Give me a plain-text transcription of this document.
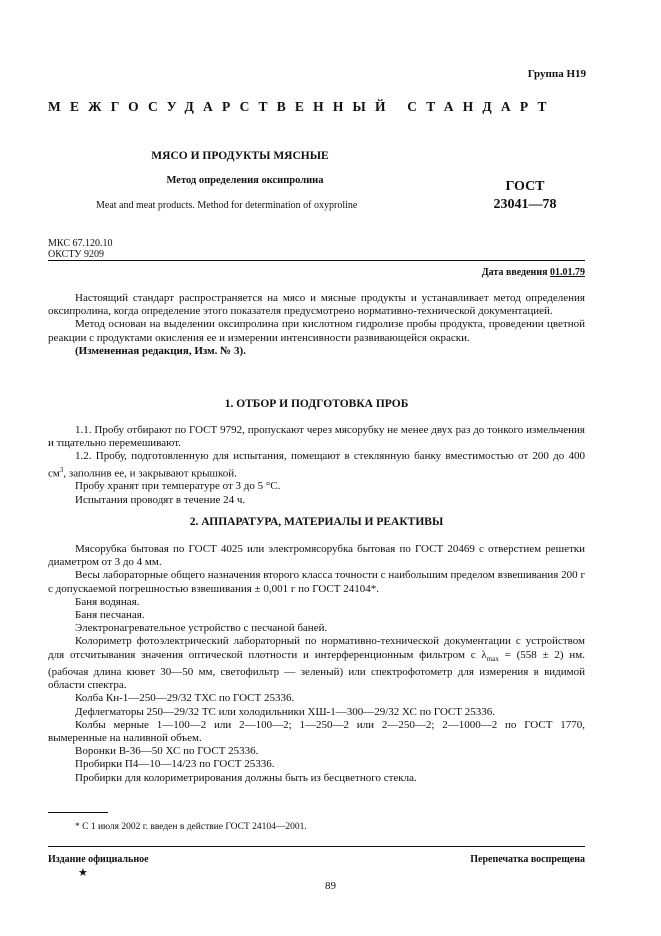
Группа Н19
МЕЖГОСУДАРСТВЕННЫЙ СТАНДАРТ
МЯСО И ПРОДУКТЫ МЯСНЫЕ
Метод определения оксипролина
Meat and meat products. Method for determination of oxyproline
ГОСТ
23041—78
МКС 67.120.10
ОКСТУ 9209
Дата введения 01.01.79

Настоящий стандарт распространяется на мясо и мясные продукты и устанавливает метод определения оксипролина, когда определение этого показателя предусмотрено нормативно-технической документацией.

Метод основан на выделении оксипролина при кислотном гидролизе пробы продукта, проведении цветной реакции с продуктами окисления ее и измерении интенсивности развивающейся окраски.

(Измененная редакция, Изм. № 3).

1. ОТБОР И ПОДГОТОВКА ПРОБ

1.1. Пробу отбирают по ГОСТ 9792, пропускают через мясорубку не менее двух раз до тонкого измельчения и тщательно перемешивают.

1.2. Пробу, подготовленную для испытания, помещают в стеклянную банку вместимостью от 200 до 400 $см^3$, заполнив ее, и закрывают крышкой.

Пробу хранят при температуре от 3 до 5 °С.

Испытания проводят в течение 24 ч.

2. АППАРАТУРА, МАТЕРИАЛЫ И РЕАКТИВЫ

Мясорубка бытовая по ГОСТ 4025 или электромясорубка бытовая по ГОСТ 20469 с отверстием решетки диаметром от 3 до 4 мм.

Весы лабораторные общего назначения второго класса точности с наибольшим пределом взвешивания 200 г с допускаемой погрешностью взвешивания ± 0,001 г по ГОСТ 24104*.

Баня водяная.

Баня песчаная.

Электронагревательное устройство с песчаной баней.

Колориметр фотоэлектрический лабораторный по нормативно-технической документации с устройством для отсчитывания значения оптической плотности и интерференционным фильтром с $\lambda_{max} = (558 \pm 2)$ нм. (рабочая длина кювет 30—50 мм, светофильтр — зеленый) или спектрофотометр для измерения в видимой области спектра.

Колба Кн-1—250—29/32 ТХС по ГОСТ 25336.

Дефлегматоры 250—29/32 ТС или холодильники ХШ-1—300—29/32 ХС по ГОСТ 25336.

Колбы мерные 1—100—2 или 2—100—2; 1—250—2 или 2—250—2; 2—1000—2 по ГОСТ 1770, вымеренные на наливной объем.

Воронки В-36—50 ХС по ГОСТ 25336.

Пробирки П4—10—14/23 по ГОСТ 25336.

Пробирки для колориметрирования должны быть из бесцветного стекла.

* С 1 июля 2002 г. введен в действие ГОСТ 24104—2001.
Издание официальное
★
Перепечатка воспрещена
89
